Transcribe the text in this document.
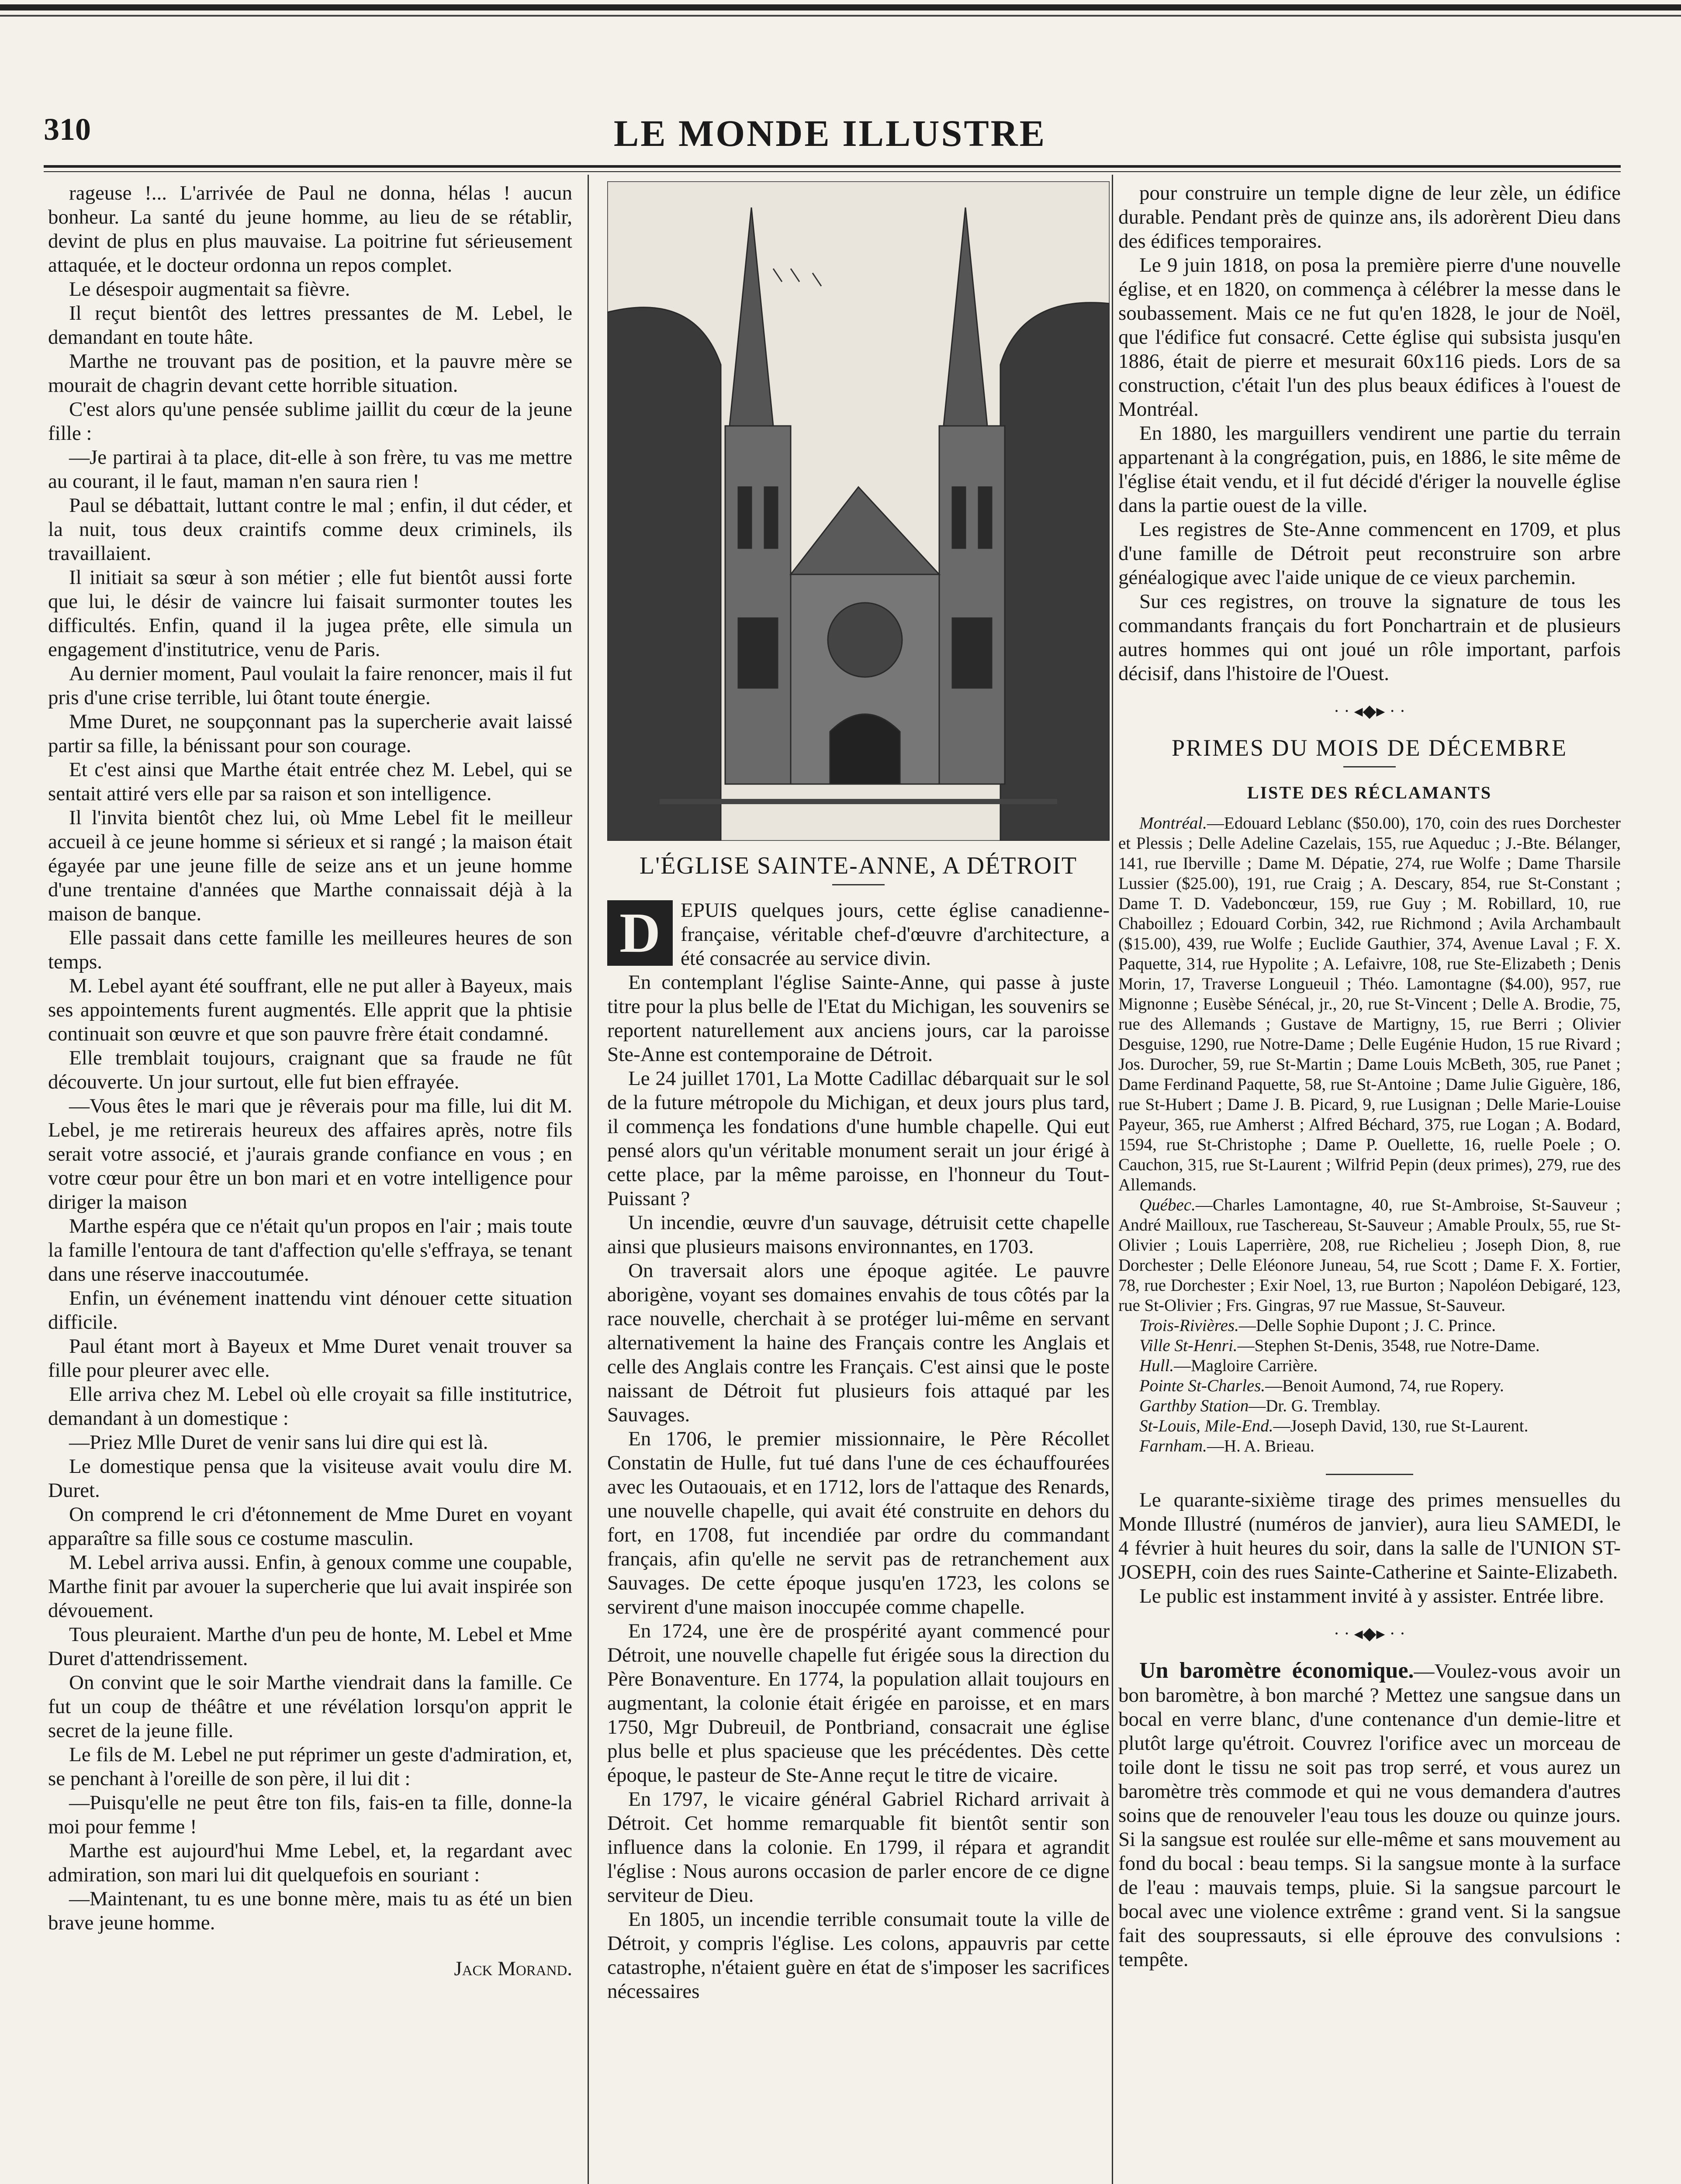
310	LE MONDE ILLUSTRE

rageuse !... L'arrivée de Paul ne donna, hélas ! aucun bonheur. La santé du jeune homme, au lieu de se rétablir, devint de plus en plus mauvaise. La poitrine fut sérieusement attaquée, et le docteur ordonna un repos complet.

Le désespoir augmentait sa fièvre.

Il reçut bientôt des lettres pressantes de M. Lebel, le demandant en toute hâte.

Marthe ne trouvant pas de position, et la pauvre mère se mourait de chagrin devant cette horrible situation.

C'est alors qu'une pensée sublime jaillit du cœur de la jeune fille :

—Je partirai à ta place, dit-elle à son frère, tu vas me mettre au courant, il le faut, maman n'en saura rien !

Paul se débattait, luttant contre le mal ; enfin, il dut céder, et la nuit, tous deux craintifs comme deux criminels, ils travaillaient.

Il initiait sa sœur à son métier ; elle fut bientôt aussi forte que lui, le désir de vaincre lui faisait surmonter toutes les difficultés. Enfin, quand il la jugea prête, elle simula un engagement d'institutrice, venu de Paris.

Au dernier moment, Paul voulait la faire renoncer, mais il fut pris d'une crise terrible, lui ôtant toute énergie.

Mme Duret, ne soupçonnant pas la supercherie avait laissé partir sa fille, la bénissant pour son courage.

Et c'est ainsi que Marthe était entrée chez M. Lebel, qui se sentait attiré vers elle par sa raison et son intelligence.

Il l'invita bientôt chez lui, où Mme Lebel fit le meilleur accueil à ce jeune homme si sérieux et si rangé ; la maison était égayée par une jeune fille de seize ans et un jeune homme d'une trentaine d'années que Marthe connaissait déjà à la maison de banque.

Elle passait dans cette famille les meilleures heures de son temps.

M. Lebel ayant été souffrant, elle ne put aller à Bayeux, mais ses appointements furent augmentés. Elle apprit que la phtisie continuait son œuvre et que son pauvre frère était condamné.

Elle tremblait toujours, craignant que sa fraude ne fût découverte. Un jour surtout, elle fut bien effrayée.

—Vous êtes le mari que je rêverais pour ma fille, lui dit M. Lebel, je me retirerais heureux des affaires après, notre fils serait votre associé, et j'aurais grande confiance en vous ; en votre cœur pour être un bon mari et en votre intelligence pour diriger la maison

Marthe espéra que ce n'était qu'un propos en l'air ; mais toute la famille l'entoura de tant d'affection qu'elle s'effraya, se tenant dans une réserve inaccoutumée.

Enfin, un événement inattendu vint dénouer cette situation difficile.

Paul étant mort à Bayeux et Mme Duret venait trouver sa fille pour pleurer avec elle.

Elle arriva chez M. Lebel où elle croyait sa fille institutrice, demandant à un domestique :

—Priez Mlle Duret de venir sans lui dire qui est là.

Le domestique pensa que la visiteuse avait voulu dire M. Duret.

On comprend le cri d'étonnement de Mme Duret en voyant apparaître sa fille sous ce costume masculin.

M. Lebel arriva aussi. Enfin, à genoux comme une coupable, Marthe finit par avouer la supercherie que lui avait inspirée son dévouement.

Tous pleuraient. Marthe d'un peu de honte, M. Lebel et Mme Duret d'attendrissement.

On convint que le soir Marthe viendrait dans la famille. Ce fut un coup de théâtre et une révélation lorsqu'on apprit le secret de la jeune fille.

Le fils de M. Lebel ne put réprimer un geste d'admiration, et, se penchant à l'oreille de son père, il lui dit :

—Puisqu'elle ne peut être ton fils, fais-en ta fille, donne-la moi pour femme !

Marthe est aujourd'hui Mme Lebel, et, la regardant avec admiration, son mari lui dit quelquefois en souriant :

—Maintenant, tu es une bonne mère, mais tu as été un bien brave jeune homme.

Jack Morand.

L'ÉGLISE SAINTE-ANNE, A DÉTROIT

D EPUIS quelques jours, cette église canadienne-française, véritable chef-d'œuvre d'architecture, a été consacrée au service divin.

En contemplant l'église Sainte-Anne, qui passe à juste titre pour la plus belle de l'Etat du Michigan, les souvenirs se reportent naturellement aux anciens jours, car la paroisse Ste-Anne est contemporaine de Détroit.

Le 24 juillet 1701, La Motte Cadillac débarquait sur le sol de la future métropole du Michigan, et deux jours plus tard, il commença les fondations d'une humble chapelle. Qui eut pensé alors qu'un véritable monument serait un jour érigé à cette place, par la même paroisse, en l'honneur du Tout-Puissant ?

Un incendie, œuvre d'un sauvage, détruisit cette chapelle ainsi que plusieurs maisons environnantes, en 1703.

On traversait alors une époque agitée. Le pauvre aborigène, voyant ses domaines envahis de tous côtés par la race nouvelle, cherchait à se protéger lui-même en servant alternativement la haine des Français contre les Anglais et celle des Anglais contre les Français. C'est ainsi que le poste naissant de Détroit fut plusieurs fois attaqué par les Sauvages.

En 1706, le premier missionnaire, le Père Récollet Constatin de Hulle, fut tué dans l'une de ces échauffourées avec les Outaouais, et en 1712, lors de l'attaque des Renards, une nouvelle chapelle, qui avait été construite en dehors du fort, en 1708, fut incendiée par ordre du commandant français, afin qu'elle ne servit pas de retranchement aux Sauvages. De cette époque jusqu'en 1723, les colons se servirent d'une maison inoccupée comme chapelle.

En 1724, une ère de prospérité ayant commencé pour Détroit, une nouvelle chapelle fut érigée sous la direction du Père Bonaventure. En 1774, la population allait toujours en augmentant, la colonie était érigée en paroisse, et en mars 1750, Mgr Dubreuil, de Pontbriand, consacrait une église plus belle et plus spacieuse que les précédentes. Dès cette époque, le pasteur de Ste-Anne reçut le titre de vicaire.

En 1797, le vicaire général Gabriel Richard arrivait à Détroit. Cet homme remarquable fit bientôt sentir son influence dans la colonie. En 1799, il répara et agrandit l'église : Nous aurons occasion de parler encore de ce digne serviteur de Dieu.

En 1805, un incendie terrible consumait toute la ville de Détroit, y compris l'église. Les colons, appauvris par cette catastrophe, n'étaient guère en état de s'imposer les sacrifices nécessaires

pour construire un temple digne de leur zèle, un édifice durable. Pendant près de quinze ans, ils adorèrent Dieu dans des édifices temporaires.

Le 9 juin 1818, on posa la première pierre d'une nouvelle église, et en 1820, on commença à célébrer la messe dans le soubassement. Mais ce ne fut qu'en 1828, le jour de Noël, que l'édifice fut consacré. Cette église qui subsista jusqu'en 1886, était de pierre et mesurait 60x116 pieds. Lors de sa construction, c'était l'un des plus beaux édifices à l'ouest de Montréal.

En 1880, les marguillers vendirent une partie du terrain appartenant à la congrégation, puis, en 1886, le site même de l'église était vendu, et il fut décidé d'ériger la nouvelle église dans la partie ouest de la ville.

Les registres de Ste-Anne commencent en 1709, et plus d'une famille de Détroit peut reconstruire son arbre généalogique avec l'aide unique de ce vieux parchemin.

Sur ces registres, on trouve la signature de tous les commandants français du fort Ponchartrain et de plusieurs autres hommes qui ont joué un rôle important, parfois décisif, dans l'histoire de l'Ouest.

· · ◂◆▸ · ·

PRIMES DU MOIS DE DÉCEMBRE

LISTE DES RÉCLAMANTS

Montréal.—Edouard Leblanc ($50.00), 170, coin des rues Dorchester et Plessis ; Delle Adeline Cazelais, 155, rue Aqueduc ; J.-Bte. Bélanger, 141, rue Iberville ; Dame M. Dépatie, 274, rue Wolfe ; Dame Tharsile Lussier ($25.00), 191, rue Craig ; A. Descary, 854, rue St-Constant ; Dame T. D. Vadeboncœur, 159, rue Guy ; M. Robillard, 10, rue Chaboillez ; Edouard Corbin, 342, rue Richmond ; Avila Archambault ($15.00), 439, rue Wolfe ; Euclide Gauthier, 374, Avenue Laval ; F. X. Paquette, 314, rue Hypolite ; A. Lefaivre, 108, rue Ste-Elizabeth ; Denis Morin, 17, Traverse Longueuil ; Théo. Lamontagne ($4.00), 957, rue Mignonne ; Eusèbe Sénécal, jr., 20, rue St-Vincent ; Delle A. Brodie, 75, rue des Allemands ; Gustave de Martigny, 15, rue Berri ; Olivier Desguise, 1290, rue Notre-Dame ; Delle Eugénie Hudon, 15 rue Rivard ; Jos. Durocher, 59, rue St-Martin ; Dame Louis McBeth, 305, rue Panet ; Dame Ferdinand Paquette, 58, rue St-Antoine ; Dame Julie Giguère, 186, rue St-Hubert ; Dame J. B. Picard, 9, rue Lusignan ; Delle Marie-Louise Payeur, 365, rue Amherst ; Alfred Béchard, 375, rue Logan ; A. Bodard, 1594, rue St-Christophe ; Dame P. Ouellette, 16, ruelle Poele ; O. Cauchon, 315, rue St-Laurent ; Wilfrid Pepin (deux primes), 279, rue des Allemands.

Québec.—Charles Lamontagne, 40, rue St-Ambroise, St-Sauveur ; André Mailloux, rue Taschereau, St-Sauveur ; Amable Proulx, 55, rue St-Olivier ; Louis Laperrière, 208, rue Richelieu ; Joseph Dion, 8, rue Dorchester ; Delle Eléonore Juneau, 54, rue Scott ; Dame F. X. Fortier, 78, rue Dorchester ; Exir Noel, 13, rue Burton ; Napoléon Debigaré, 123, rue St-Olivier ; Frs. Gingras, 97 rue Massue, St-Sauveur.

Trois-Rivières.—Delle Sophie Dupont ; J. C. Prince.

Ville St-Henri.—Stephen St-Denis, 3548, rue Notre-Dame.

Hull.—Magloire Carrière.

Pointe St-Charles.—Benoit Aumond, 74, rue Ropery.

Garthby Station—Dr. G. Tremblay.

St-Louis, Mile-End.—Joseph David, 130, rue St-Laurent.

Farnham.—H. A. Brieau.

Le quarante-sixième tirage des primes mensuelles du Monde Illustré (numéros de janvier), aura lieu SAMEDI, le 4 février à huit heures du soir, dans la salle de l'UNION ST-JOSEPH, coin des rues Sainte-Catherine et Sainte-Elizabeth.

Le public est instamment invité à y assister. Entrée libre.

· · ◂◆▸ · ·

Un baromètre économique.—Voulez-vous avoir un bon baromètre, à bon marché ? Mettez une sangsue dans un bocal en verre blanc, d'une contenance d'un demie-litre et plutôt large qu'étroit. Couvrez l'orifice avec un morceau de toile dont le tissu ne soit pas trop serré, et vous aurez un baromètre très commode et qui ne vous demandera d'autres soins que de renouveler l'eau tous les douze ou quinze jours. Si la sangsue est roulée sur elle-même et sans mouvement au fond du bocal : beau temps. Si la sangsue monte à la surface de l'eau : mauvais temps, pluie. Si la sangsue parcourt le bocal avec une violence extrême : grand vent. Si la sangsue fait des soupressauts, si elle éprouve des convulsions : tempête.
